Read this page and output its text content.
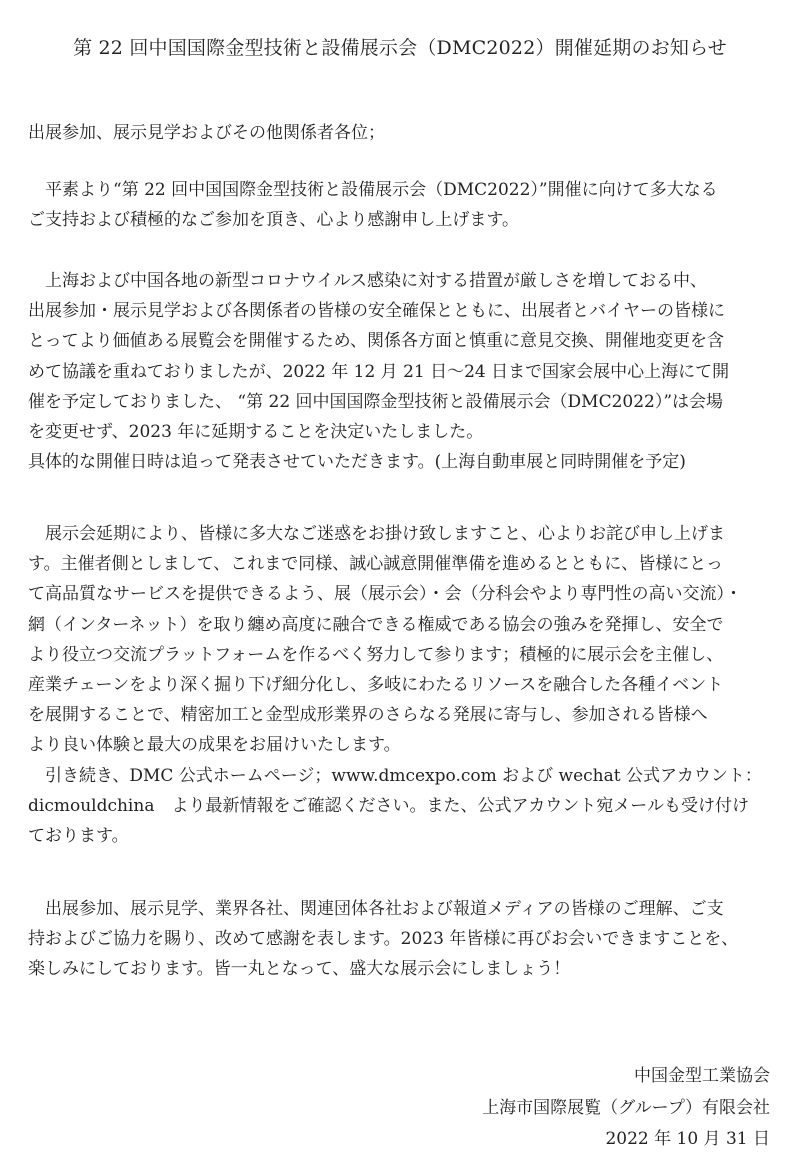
第 22 回中国国際金型技術と設備展示会（DMC2022）開催延期のお知らせ
出展参加、展示見学およびその他関係者各位；
　平素より“第 22 回中国国際金型技術と設備展示会（DMC2022）”開催に向けて多大なる
ご支持および積極的なご参加を頂き、心より感謝申し上げます。
　上海および中国各地の新型コロナウイルス感染に対する措置が厳しさを増しておる中、
出展参加・展示見学および各関係者の皆様の安全確保とともに、出展者とバイヤーの皆様に
とってより価値ある展覧会を開催するため、関係各方面と慎重に意見交換、開催地変更を含
めて協議を重ねておりましたが、2022 年 12 月 21 日〜24 日まで国家会展中心上海にて開
催を予定しておりました、 “第 22 回中国国際金型技術と設備展示会（DMC2022）”は会場
を変更せず、2023 年に延期することを決定いたしました。
具体的な開催日時は追って発表させていただきます。(上海自動車展と同時開催を予定)
　展示会延期により、皆様に多大なご迷惑をお掛け致しますこと、心よりお詫び申し上げま
す。主催者側としまして、これまで同様、誠心誠意開催準備を進めるとともに、皆様にとっ
て高品質なサービスを提供できるよう、展（展示会）・会（分科会やより専門性の高い交流）・
網（インターネット）を取り纏め高度に融合できる権威である協会の強みを発揮し、安全で
より役立つ交流プラットフォームを作るべく努力して参ります；積極的に展示会を主催し、
産業チェーンをより深く掘り下げ細分化し、多岐にわたるリソースを融合した各種イベント
を展開することで、精密加工と金型成形業界のさらなる発展に寄与し、参加される皆様へ
より良い体験と最大の成果をお届けいたします。
　引き続き、DMC 公式ホームページ；www.dmcexpo.com および wechat 公式アカウント：
dicmouldchina　より最新情報をご確認ください。また、公式アカウント宛メールも受け付け
ております。
　出展参加、展示見学、業界各社、関連団体各社および報道メディアの皆様のご理解、ご支
持およびご協力を賜り、改めて感謝を表します。2023 年皆様に再びお会いできますことを、
楽しみにしております。皆一丸となって、盛大な展示会にしましょう！
中国金型工業協会
上海市国際展覧（グループ）有限会社
2022 年 10 月 31 日
